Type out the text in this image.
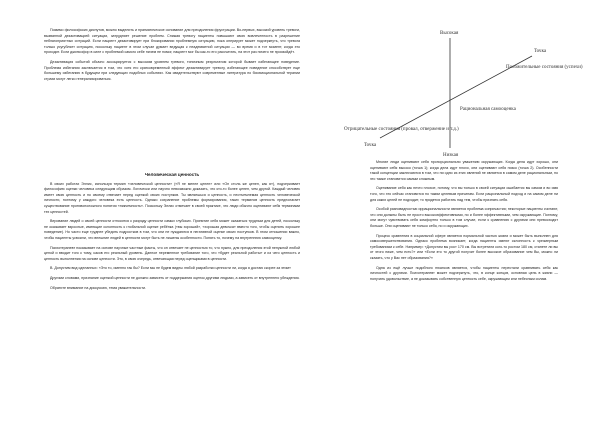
Помимо философских диспутов, можно выделить и прагматическое основание для преодоления фрустрации. Во-первых, высокий уровень тревоги, вызванной дезактивацией ситуации, затрудняет решение проблем. Снижая тревогу пациенты повышают свою вовлеченность в разрешение неблагоприятных ситуаций. Если пациент дезактивирует при блокировании проблемную ситуацию, пока оперирует может подчеркнуть, что тревога только усугубляет ситуацию, поскольку пациент в этом случае думает ведущая к неадекватной ситуации — во время и в тот момент, когда это проходит. Если джинсофор в силе с проблемой самого себе ничем не помог, пациент мог бы как-то его рассчитать, на этот раз ничего не произойдёт.

Дезактивация событий обычно ассоциируется с высоким уровнем тревоги, типичным результатом которой бывает избегающее поведение. Проблема избегания заключается в том, что хотя его кратковременный эффект дезактивирует тревогу, избегающее поведение способствует еще большему избеганию в будущем при следующих подобных событиях. Как свидетельствуют современные литература по биоэмоциональной терапии страхи могут легко генерализироваться.

Высокая
Низкая
Точка
Точка
Положительные состояния (успехи)
Рациональная самооценка
Отрицательные состояния (провал, отвержение и т.д.)

Человеческая ценность

В своих работах Эллис, используя термин «человеческой ценности» («Я не менее ценен» или «Он столь же ценен, как я»), подчеркивает философию оценки человека следующим образом. Логически или научно невозможно доказать, что кто-то более ценен, чем другой. Каждый человек имеет свою ценность и по своему отвечает перед оценкой своих поступков. Ты являешься и ценность, и неотъемлемая ценность человеческой личности, поэтому у каждого человека есть ценность. Однако сохранение проблемы формирования, таких терминов ценность предполагает существование противоположного понятия «никчемность». Поскольку Эллис отмечает в своей практике, что люди обычно оценивают себя терминами тех ценностей.

Верование людей о своей ценности относится к разряду ценности самых глубоких. Принятие себя может оказаться трудным для детей, поскольку не оказывает взрослые, имеющие склонность к глобальной оценке ребёнка («вы хороший», «хорошая девочка» вместо того, чтобы оценить хорошее поведение). Но часто еще труднее убедить подростков в том, что они не нуждаются в негативной оценке своих поступков. В этом отношении важно, чтобы пациенты усвоили, что внешние людей в ценности могут быть не лишены особенности. Понять то, почему на внутреннюю самооценку.

Психотерапевт показывает на основе научные частные факты, что он отвечает не ценностью то, что нужно, для преодоления этой ненужной любой ценой и вводит того к тому, каков его реальный уровень. Данное переменное требование того, что «будет реальной работы» и из чего ценность и ценность выполнения на основе ценности. Это, в свою очередь, отвечающая перед оценщиками в ценности.

В. Допустим вид сделанных: «Это то, именно так бы? Если мы не будем видны любой разработки ценности ли, когда я достаю скорее за этим»

Другими словами, признание оценкой ценности не должно зависеть от поддержания оценок другими людьми, а зависеть от внутреннего убеждения.

Обратите внимание на дискуссию, тема уважительности.

Многие люди оценивают себя пропорционально уважению окружающих. Когда дела идут хорошо, они оценивают себя высоко (точка 1); когда дела идут плохо, они оценивают себя низко (точка 2). Особенности такой концепции заключаются в том, что ни одно из этих явлений не является в самом деле рациональным, но это также становится самым сложным.

Оценивание себя как нечто плохое, потому, что вы только в своей ситуации ошибается вы самом и во имя того, что это сейчас становится по таким целевым причинам. Если рациональный подход и на самом деле ни для каких целей не подходит, то придется работать над тем, чтобы признать себя.

Особой разновидностью иррациональности является проблема сопричастия; некоторые пациенты считают, что они должны быть не просто высокоэффективными, но и более эффективными, чем окружающие. Поэтому, они могут чувствовать себя комфортно только в том случае, если к сравнению с другими они превосходят больше. Они оценивают не только себя, но и окружающих.

Процесс сравнения в социальной сфере является нормальной частью жизни и может быть выполнен для самосовершенствования. Однако проблема возникает, когда пациенты имеют склонность к чрезмерным требованиям к себе. Например: «Допустим вы рост 170 см. Вы встретили кого-то ростом 180 см, станете ли вы от этого ниже, чем есть?» или «Если это то другой получит более высокое образование чем Вы, можно ли сказать, что у Вас нет образования?»

Одна из ещё лучше подобного нюансов является, чтобы пациенты перестали сравнивать себя как личностей с другими. Психотерапевт может подчеркнуть, что, в конце концов, основная цель в жизни — получать удовольствие, а не доказывать собственную ценность себе, окружающим или небесным силам.
